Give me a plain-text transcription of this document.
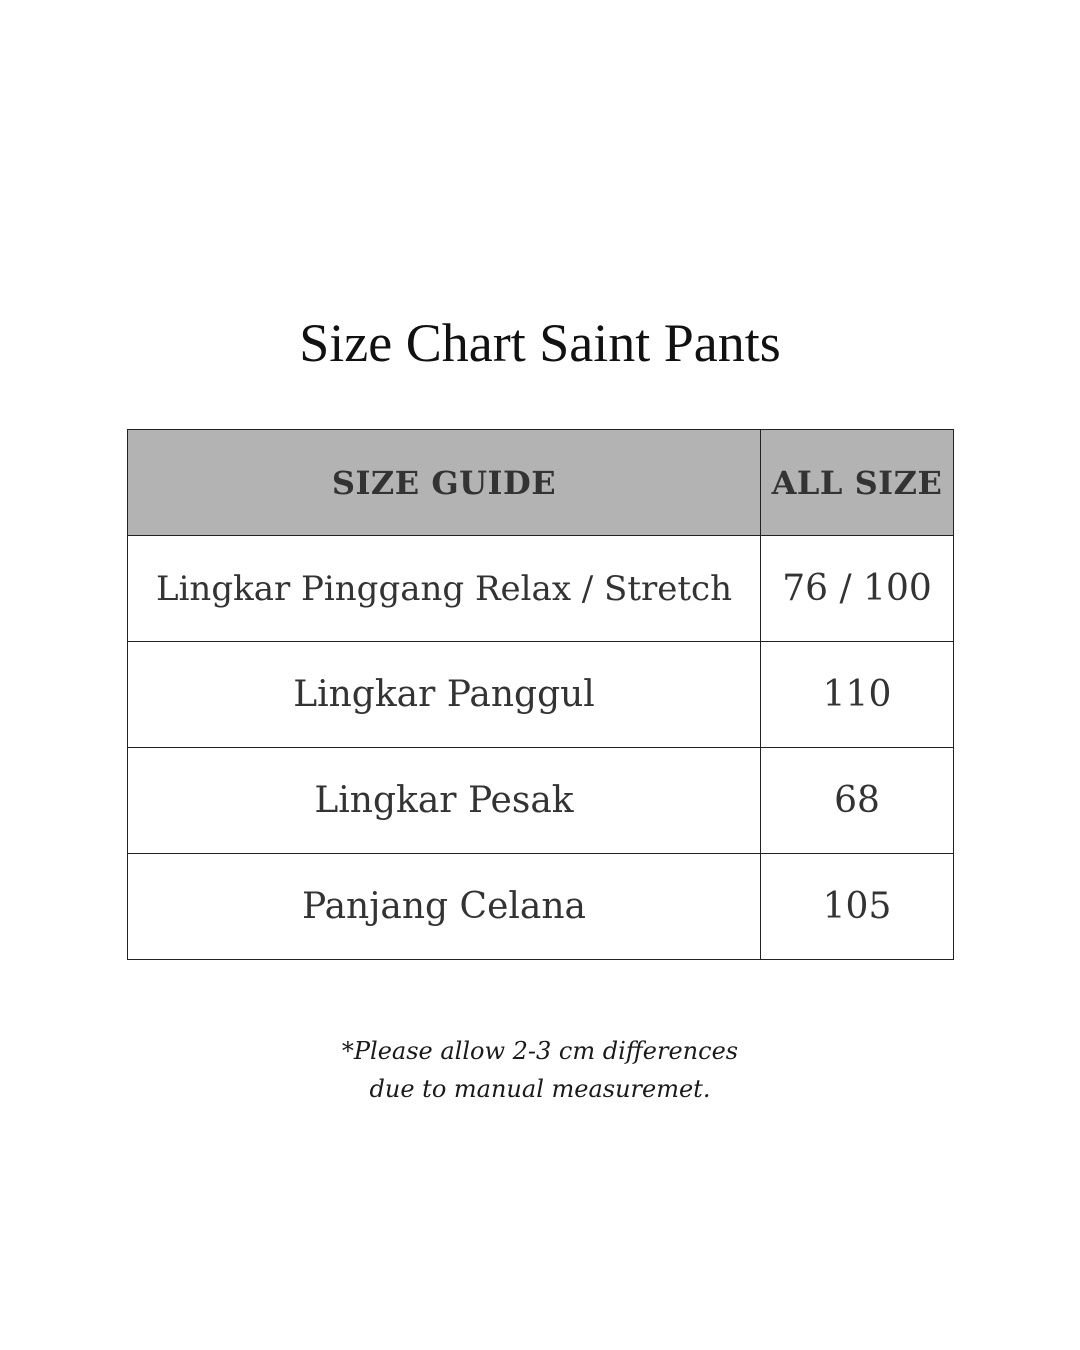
Size Chart Saint Pants
SIZE GUIDE	ALL SIZE
Lingkar Pinggang Relax / Stretch	76 / 100
Lingkar Panggul	110
Lingkar Pesak	68
Panjang Celana	105
*Please allow 2-3 cm differences
due to manual measuremet.
